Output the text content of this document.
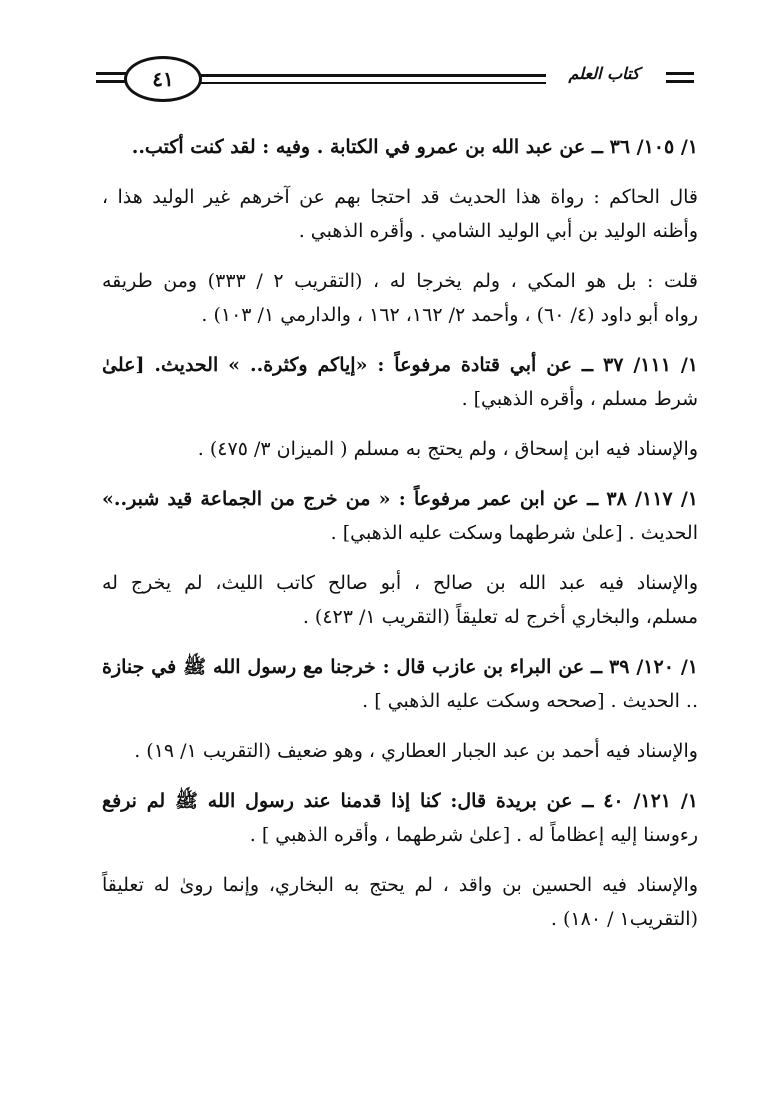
٤١	كتاب العلم
١/ ١٠٥/ ٣٦ ــ عن عبد الله بن عمرو في الكتابة . وفيه : لقد كنت أكتب..
قال الحاكم : رواة هذا الحديث قد احتجا بهم عن آخرهم غير الوليد هذا ،
وأظنه الوليد بن أبي الوليد الشامي . وأقره الذهبي .
قلت : بل هو المكي ، ولم يخرجا له ، (التقريب ٢ / ٣٣٣) ومن طريقه
رواه أبو داود (٤/ ٦٠) ، وأحمد ٢/ ١٦٢، ١٦٢ ، والدارمي ١/ ١٠٣) .
١/ ١١١/ ٣٧ ــ عن أبي قتادة مرفوعاً : «إياكم وكثرة.. » الحديث. [علىٰ
شرط مسلم ، وأقره الذهبي] .
والإسناد فيه ابن إسحاق ، ولم يحتج به مسلم ( الميزان ٣/ ٤٧٥) .
١/ ١١٧/ ٣٨ ــ عن ابن عمر مرفوعاً : « من خرج من الجماعة قيد شبر..»
الحديث . [علىٰ شرطهما وسكت عليه الذهبي] .
والإسناد فيه عبد الله بن صالح ، أبو صالح كاتب الليث، لم يخرج له
مسلم، والبخاري أخرج له تعليقاً (التقريب ١/ ٤٢٣) .
١/ ١٢٠/ ٣٩ ــ عن البراء بن عازب قال : خرجنا مع رسول الله ﷺ في جنازة
.. الحديث . [صححه وسكت عليه الذهبي ] .
والإسناد فيه أحمد بن عبد الجبار العطاري ، وهو ضعيف (التقريب ١/ ١٩) .
١/ ١٢١/ ٤٠ ــ عن بريدة قال: كنا إذا قدمنا عند رسول الله ﷺ لم نرفع
رءوسنا إليه إعظاماً له . [علىٰ شرطهما ، وأقره الذهبي ] .
والإسناد فيه الحسين بن واقد ، لم يحتج به البخاري، وإنما روىٰ له تعليقاً
(التقريب١ / ١٨٠) .
